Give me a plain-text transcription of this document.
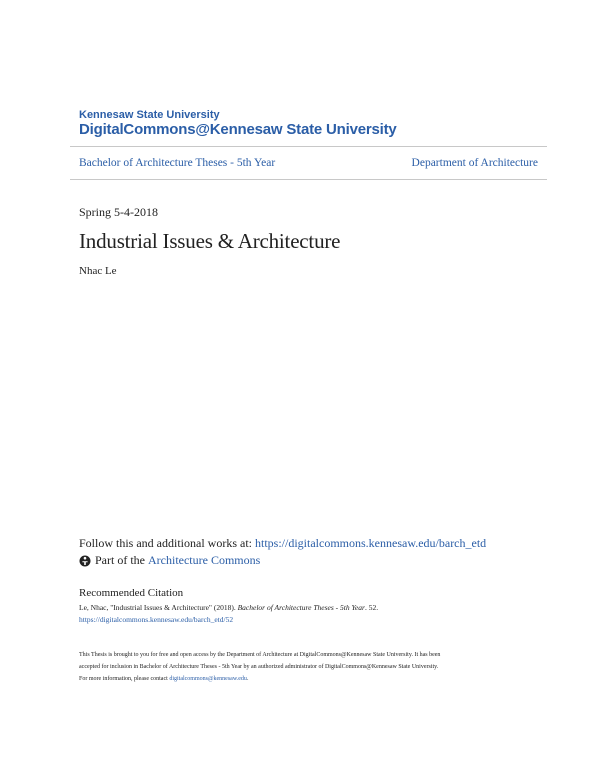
Kennesaw State University
DigitalCommons@Kennesaw State University
Bachelor of Architecture Theses - 5th Year	Department of Architecture
Spring 5-4-2018
Industrial Issues & Architecture
Nhac Le
Follow this and additional works at: https://digitalcommons.kennesaw.edu/barch_etd
Part of the
Architecture Commons
Recommended Citation
Le, Nhac, "Industrial Issues & Architecture" (2018). Bachelor of Architecture Theses - 5th Year. 52.
https://digitalcommons.kennesaw.edu/barch_etd/52

This Thesis is brought to you for free and open access by the Department of Architecture at DigitalCommons@Kennesaw State University. It has been

accepted for inclusion in Bachelor of Architecture Theses - 5th Year by an authorized administrator of DigitalCommons@Kennesaw State University.

For more information, please contact digitalcommons@kennesaw.edu.
